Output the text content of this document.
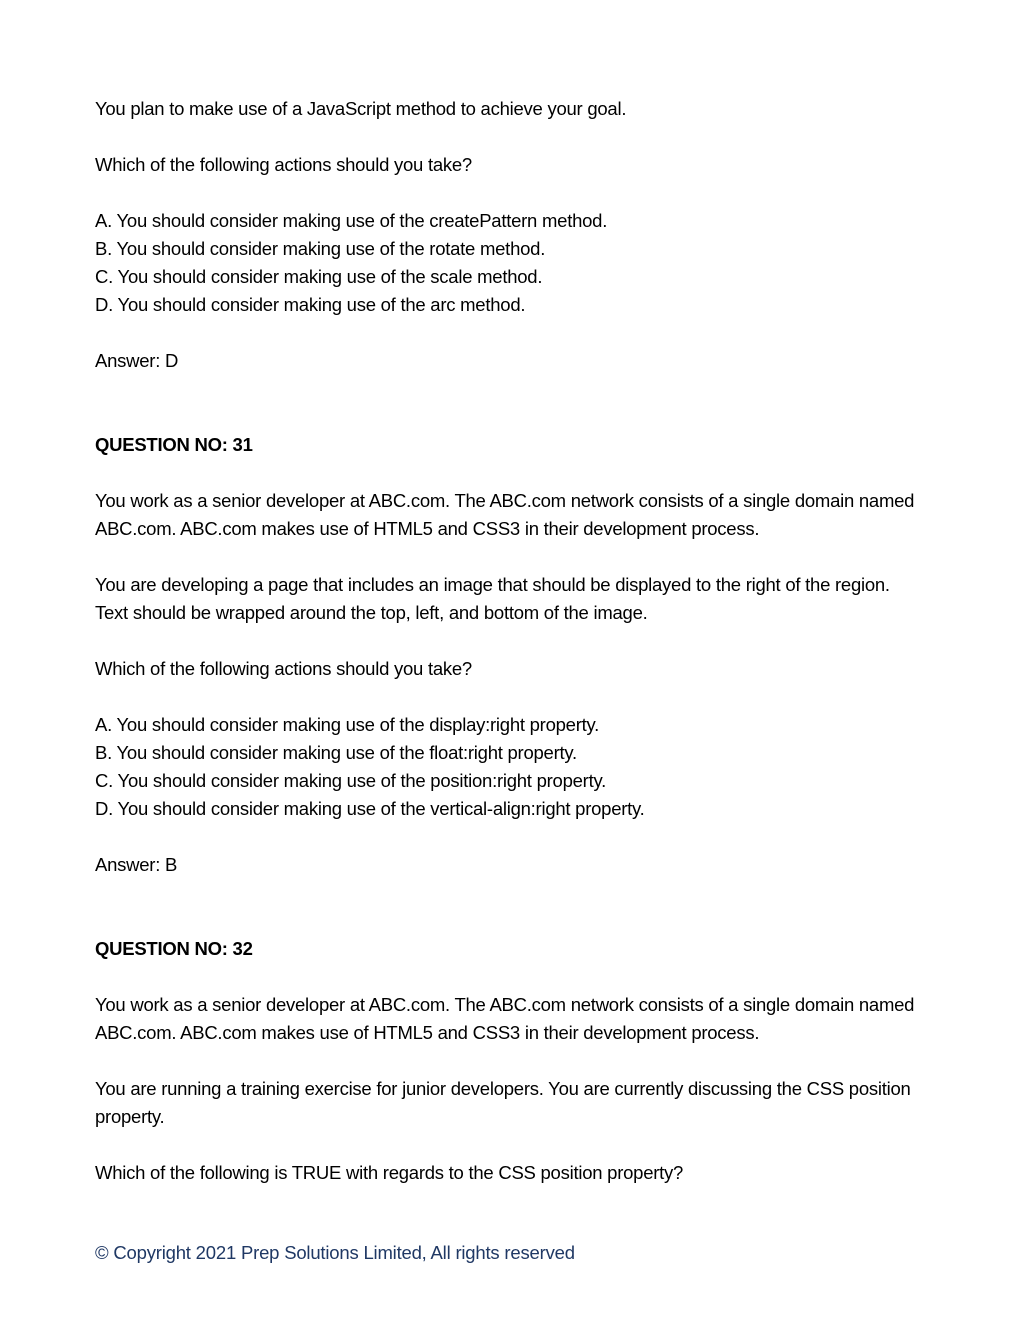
You plan to make use of a JavaScript method to achieve your goal.

Which of the following actions should you take?

A. You should consider making use of the createPattern method.

B. You should consider making use of the rotate method.

C. You should consider making use of the scale method.

D. You should consider making use of the arc method.

Answer: D

QUESTION NO: 31

You work as a senior developer at ABC.com. The ABC.com network consists of a single domain named

ABC.com. ABC.com makes use of HTML5 and CSS3 in their development process.

You are developing a page that includes an image that should be displayed to the right of the region.

Text should be wrapped around the top, left, and bottom of the image.

Which of the following actions should you take?

A. You should consider making use of the display:right property.

B. You should consider making use of the float:right property.

C. You should consider making use of the position:right property.

D. You should consider making use of the vertical-align:right property.

Answer: B

QUESTION NO: 32

You work as a senior developer at ABC.com. The ABC.com network consists of a single domain named

ABC.com. ABC.com makes use of HTML5 and CSS3 in their development process.

You are running a training exercise for junior developers. You are currently discussing the CSS position

property.

Which of the following is TRUE with regards to the CSS position property?

© Copyright 2021 Prep Solutions Limited, All rights reserved
